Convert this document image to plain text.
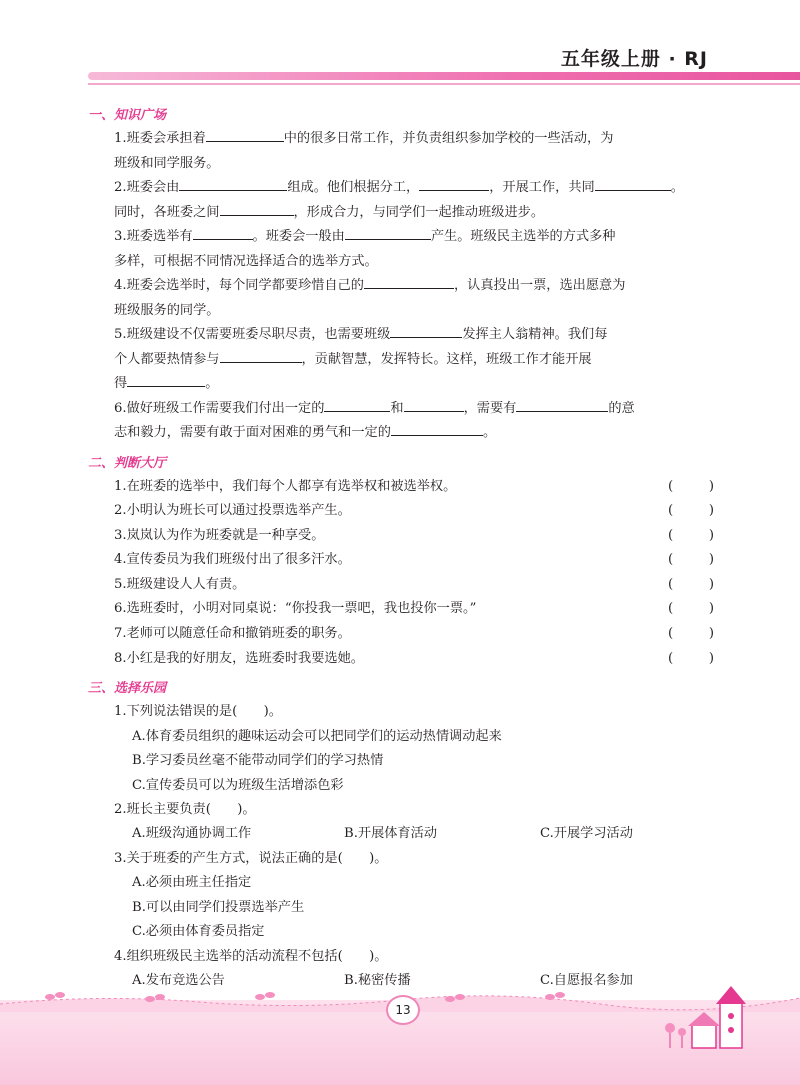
五年级上册 · RJ
一、知识广场
1.班委会承担着	中的很多日常工作，并负责组织参加学校的一些活动，为
班级和同学服务。
2.班委会由	组成。他们根据分工，	，开展工作，共同	。
同时，各班委之间	，形成合力，与同学们一起推动班级进步。
3.班委选举有	。班委会一般由	产生。班级民主选举的方式多种
多样，可根据不同情况选择适合的选举方式。
4.班委会选举时，每个同学都要珍惜自己的	，认真投出一票，选出愿意为
班级服务的同学。
5.班级建设不仅需要班委尽职尽责，也需要班级	发挥主人翁精神。我们每
个人都要热情参与	，贡献智慧，发挥特长。这样，班级工作才能开展
得	。
6.做好班级工作需要我们付出一定的	和	，需要有	的意
志和毅力，需要有敢于面对困难的勇气和一定的	。
二、判断大厅
1.在班委的选举中，我们每个人都享有选举权和被选举权。	(	)
2.小明认为班长可以通过投票选举产生。	(	)
3.岚岚认为作为班委就是一种享受。	(	)
4.宣传委员为我们班级付出了很多汗水。	(	)
5.班级建设人人有责。	(	)
6.选班委时，小明对同桌说：“你投我一票吧，我也投你一票。”	(	)
7.老师可以随意任命和撤销班委的职务。	(	)
8.小红是我的好朋友，选班委时我要选她。	(	)
三、选择乐园
1.下列说法错误的是(　　)。
A.体育委员组织的趣味运动会可以把同学们的运动热情调动起来
B.学习委员丝毫不能带动同学们的学习热情
C.宣传委员可以为班级生活增添色彩
2.班长主要负责(　　)。
A.班级沟通协调工作	B.开展体育活动	C.开展学习活动
3.关于班委的产生方式，说法正确的是(　　)。
A.必须由班主任指定
B.可以由同学们投票选举产生
C.必须由体育委员指定
4.组织班级民主选举的活动流程不包括(　　)。
A.发布竞选公告	B.秘密传播	C.自愿报名参加
13
